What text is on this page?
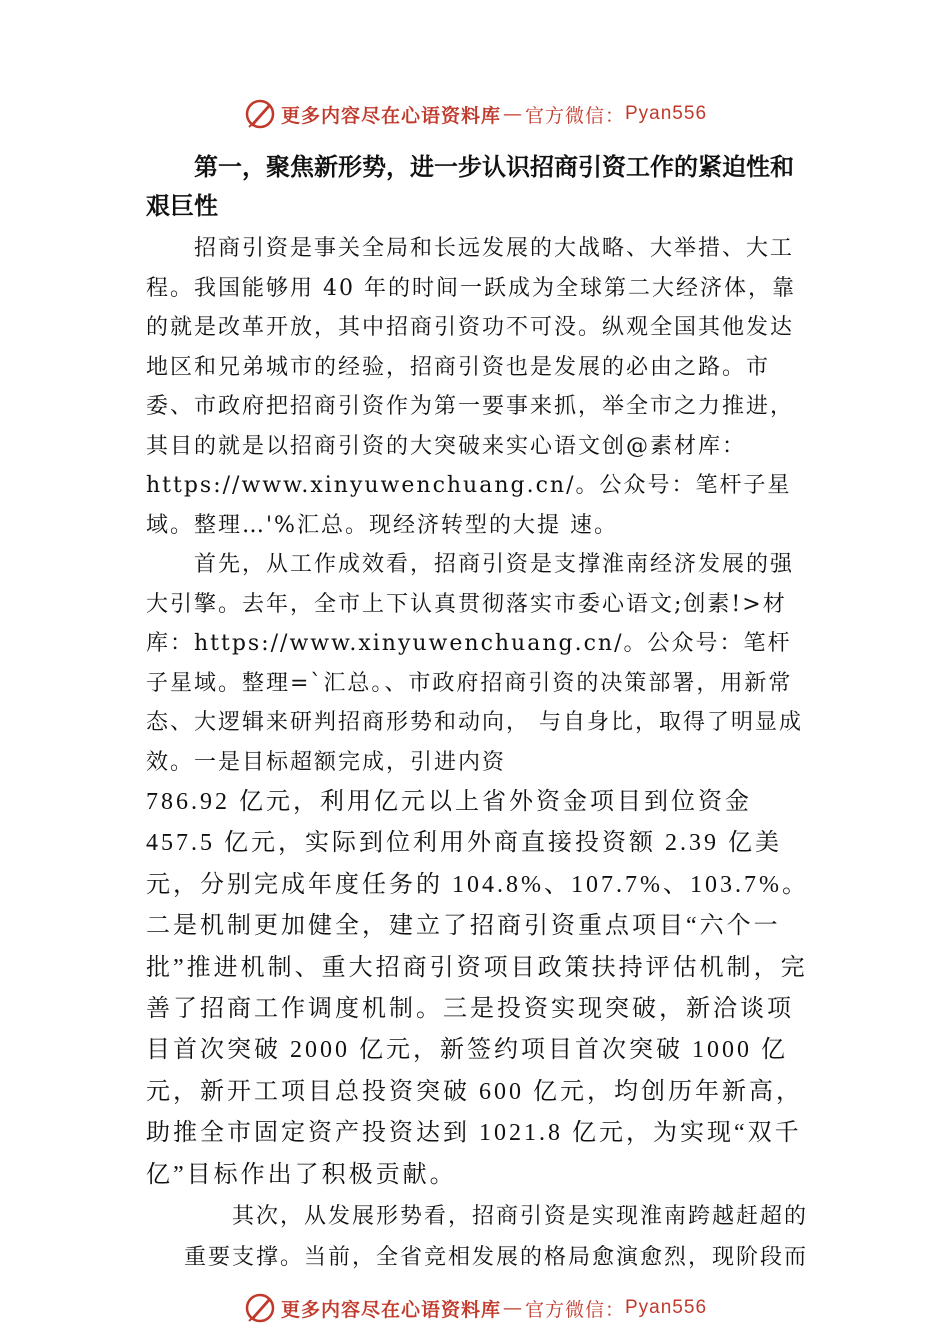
更多内容尽在心语资料库 — 官方微信： Pyan556

第一，聚焦新形势，进一步认识招商引资工作的紧迫性和艰巨性

招商引资是事关全局和长远发展的大战略、大举措、大工程。我国能够用 40 年的时间一跃成为全球第二大经济体，靠的就是改革开放，其中招商引资功不可没。纵观全国其他发达地区和兄弟城市的经验，招商引资也是发展的必由之路。市委、市政府把招商引资作为第一要事来抓，举全市之力推进，其目的就是以招商引资的大突破来实心语文创@素材库：https://www.xinyuwenchuang.cn/。公众号：笔杆子星域。整理…'%汇总。现经济转型的大提 速。

首先，从工作成效看，招商引资是支撑淮南经济发展的强大引擎。去年，全市上下认真贯彻落实市委心语文;创素!>材库：https://www.xinyuwenchuang.cn/。公众号：笔杆子星域。整理=`汇总。、市政府招商引资的决策部署，用新常态、大逻辑来研判招商形势和动向， 与自身比，取得了明显成效。一是目标超额完成，引进内资

786.92 亿元，利用亿元以上省外资金项目到位资金 457.5 亿元，实际到位利用外商直接投资额 2.39 亿美元，分别完成年度任务的 104.8%、107.7%、103.7%。二是机制更加健全，建立了招商引资重点项目“六个一批”推进机制、重大招商引资项目政策扶持评估机制，完善了招商工作调度机制。三是投资实现突破，新洽谈项目首次突破 2000 亿元，新签约项目首次突破 1000 亿元，新开工项目总投资突破 600 亿元，均创历年新高，助推全市固定资产投资达到 1021.8 亿元，为实现“双千亿”目标作出了积极贡献。

其次，从发展形势看，招商引资是实现淮南跨越赶超的
重要支撑。当前，全省竞相发展的格局愈演愈烈，现阶段而

更多内容尽在心语资料库 — 官方微信： Pyan556
